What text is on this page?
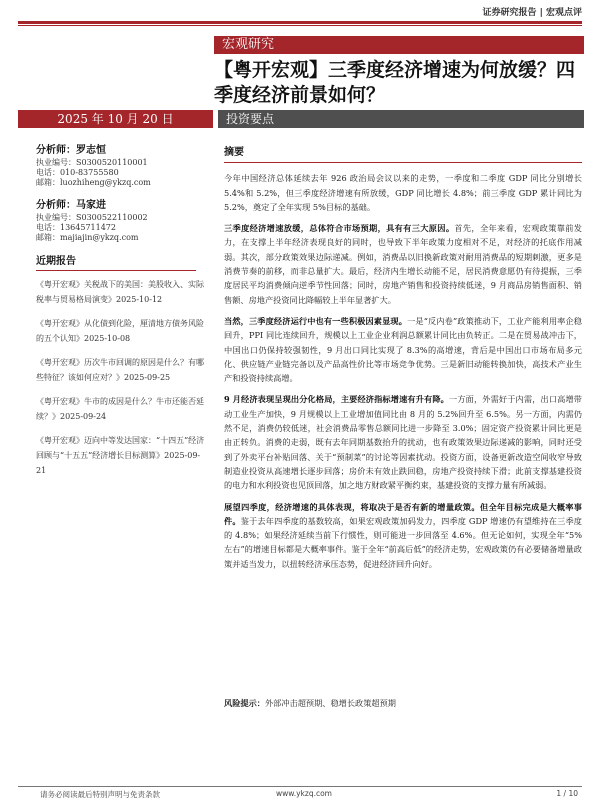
证券研究报告 | 宏观点评
宏观研究
【粤开宏观】三季度经济增速为何放缓？四季度经济前景如何？
2025 年 10 月 20 日	投资要点
分析师：罗志恒
执业编号：S0300520110001
电话：010-83755580
邮箱：luozhiheng@ykzq.com
分析师：马家进
执业编号：S0300522110002
电话：13645711472
邮箱：majiajin@ykzq.com
近期报告
《粤开宏观》关税战下的美国：美股收入、实际税率与贸易格局演变》2025-10-12
《粤开宏观》从化债到化险，厘清地方债务风险的五个认知》2025-10-08
《粤开宏观》历次牛市回调的原因是什么？有哪些特征？该如何应对？》2025-09-25
《粤开宏观》牛市的成因是什么？牛市还能否延续？》2025-09-24
《粤开宏观》迈向中等发达国家：“十四五”经济回顾与“十五五”经济增长目标测算》2025-09-21
摘要

今年中国经济总体延续去年 926 政治局会议以来的走势，一季度和二季度 GDP 同比分别增长 5.4%和 5.2%，但三季度经济增速有所放缓，GDP 同比增长 4.8%；前三季度 GDP 累计同比为 5.2%，奠定了全年实现 5%目标的基础。

三季度经济增速放缓，总体符合市场预期，具有有三大原因。首先，全年来看，宏观政策靠前发力，在支撑上半年经济表现良好的同时，也导致下半年政策力度相对不足，对经济的托底作用减弱。其次，部分政策效果边际递减。例如，消费品以旧换新政策对耐用消费品的短期刺激，更多是消费节奏的前移，而非总量扩大。最后，经济内生增长动能不足，居民消费意愿仍有待提振，三季度居民平均消费倾向逆季节性回落；同时，房地产销售和投资持续低迷，9 月商品房销售面积、销售额、房地产投资同比降幅较上半年显著扩大。

当然，三季度经济运行中也有一些积极因素显现。一是“反内卷”政策推动下，工业产能利用率企稳回升，PPI 同比连续回升，规模以上工业企业利润总额累计同比由负转正。二是在贸易战冲击下，中国出口仍保持较强韧性，9 月出口同比实现了 8.3%的高增速，背后是中国出口市场布局多元化、供应链产业链完备以及产品高性价比等市场竞争优势。三是新旧动能转换加快，高技术产业生产和投资持续高增。

9 月经济表现呈现出分化格局，主要经济指标增速有升有降。一方面，外需好于内需，出口高增带动工业生产加快，9 月规模以上工业增加值同比由 8 月的 5.2%回升至 6.5%。另一方面，内需仍然不足，消费仍较低迷，社会消费品零售总额同比进一步降至 3.0%；固定资产投资累计同比更是由正转负。消费的走弱，既有去年同期基数抬升的扰动，也有政策效果边际递减的影响，同时还受到了外卖平台补贴回落、关于“预制菜”的讨论等因素扰动。投资方面，设备更新改造空间收窄导致制造业投资从高速增长逐步回落；房价未有效止跌回稳，房地产投资持续下滑；此前支撑基建投资的电力和水利投资也见顶回落，加之地方财政紧平衡约束，基建投资的支撑力量有所减弱。

展望四季度，经济增速的具体表现，将取决于是否有新的增量政策。但全年目标完成是大概率事件。鉴于去年四季度的基数较高，如果宏观政策加码发力，四季度 GDP 增速仍有望维持在三季度的 4.8%；如果经济延续当前下行惯性，则可能进一步回落至 4.6%。但无论如何，实现全年“5%左右”的增速目标都是大概率事件。鉴于全年“前高后低”的经济走势，宏观政策仍有必要储备增量政策并适当发力，以扭转经济承压态势，促进经济回升向好。

风险提示：外部冲击超预期、稳增长政策超预期
请务必阅读最后特别声明与免责条款	www.ykzq.com	1 / 10
